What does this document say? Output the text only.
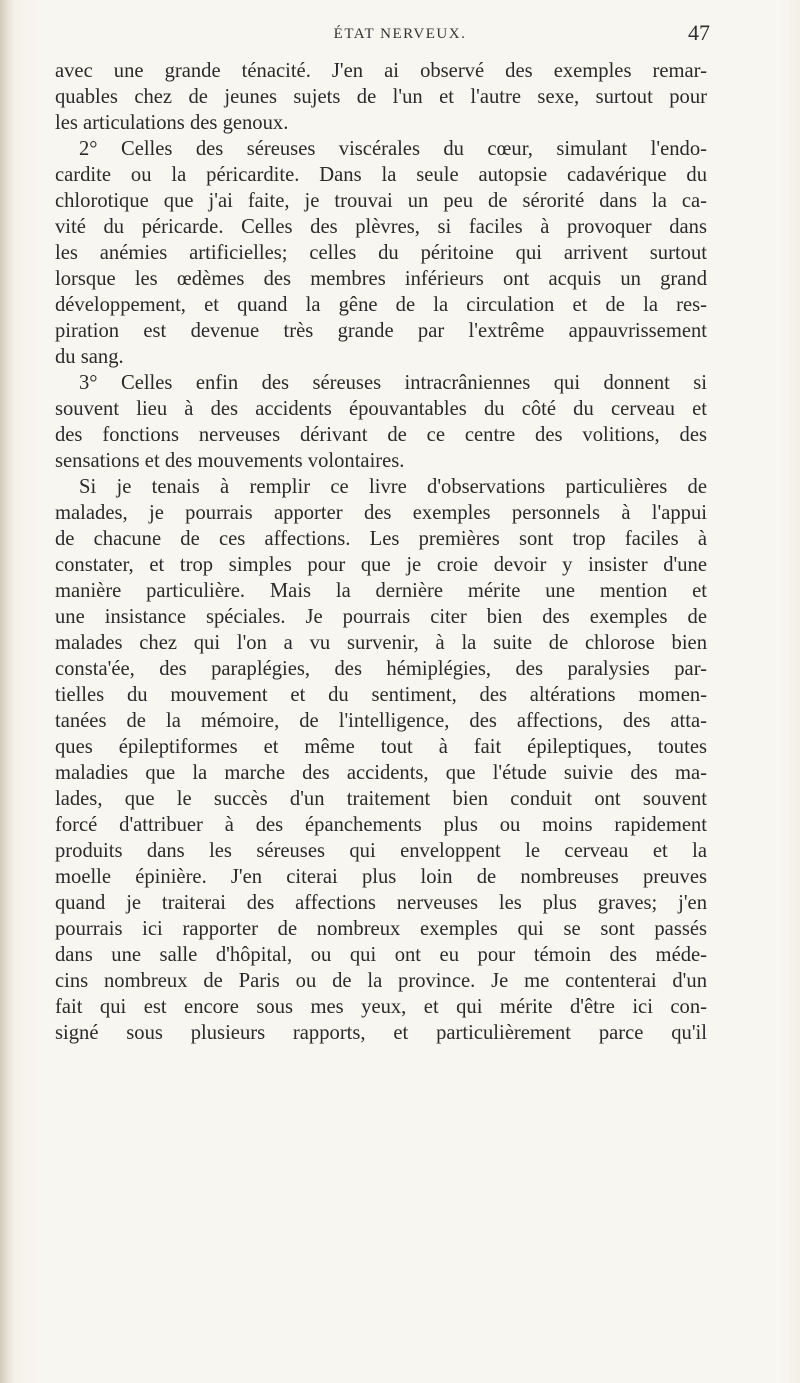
ÉTAT NERVEUX.	47
avec une grande ténacité. J'en ai observé des exemples remar-
quables chez de jeunes sujets de l'un et l'autre sexe, surtout pour
les articulations des genoux.
2° Celles des séreuses viscérales du cœur, simulant l'endo-
cardite ou la péricardite. Dans la seule autopsie cadavérique du
chlorotique que j'ai faite, je trouvai un peu de sérorité dans la ca-
vité du péricarde. Celles des plèvres, si faciles à provoquer dans
les anémies artificielles; celles du péritoine qui arrivent surtout
lorsque les œdèmes des membres inférieurs ont acquis un grand
développement, et quand la gêne de la circulation et de la res-
piration est devenue très grande par l'extrême appauvrissement
du sang.
3° Celles enfin des séreuses intracrâniennes qui donnent si
souvent lieu à des accidents épouvantables du côté du cerveau et
des fonctions nerveuses dérivant de ce centre des volitions, des
sensations et des mouvements volontaires.
Si je tenais à remplir ce livre d'observations particulières de
malades, je pourrais apporter des exemples personnels à l'appui
de chacune de ces affections. Les premières sont trop faciles à
constater, et trop simples pour que je croie devoir y insister d'une
manière particulière. Mais la dernière mérite une mention et
une insistance spéciales. Je pourrais citer bien des exemples de
malades chez qui l'on a vu survenir, à la suite de chlorose bien
consta'ée, des paraplégies, des hémiplégies, des paralysies par-
tielles du mouvement et du sentiment, des altérations momen-
tanées de la mémoire, de l'intelligence, des affections, des atta-
ques épileptiformes et même tout à fait épileptiques, toutes
maladies que la marche des accidents, que l'étude suivie des ma-
lades, que le succès d'un traitement bien conduit ont souvent
forcé d'attribuer à des épanchements plus ou moins rapidement
produits dans les séreuses qui enveloppent le cerveau et la
moelle épinière. J'en citerai plus loin de nombreuses preuves
quand je traiterai des affections nerveuses les plus graves; j'en
pourrais ici rapporter de nombreux exemples qui se sont passés
dans une salle d'hôpital, ou qui ont eu pour témoin des méde-
cins nombreux de Paris ou de la province. Je me contenterai d'un
fait qui est encore sous mes yeux, et qui mérite d'être ici con-
signé sous plusieurs rapports, et particulièrement parce qu'il
